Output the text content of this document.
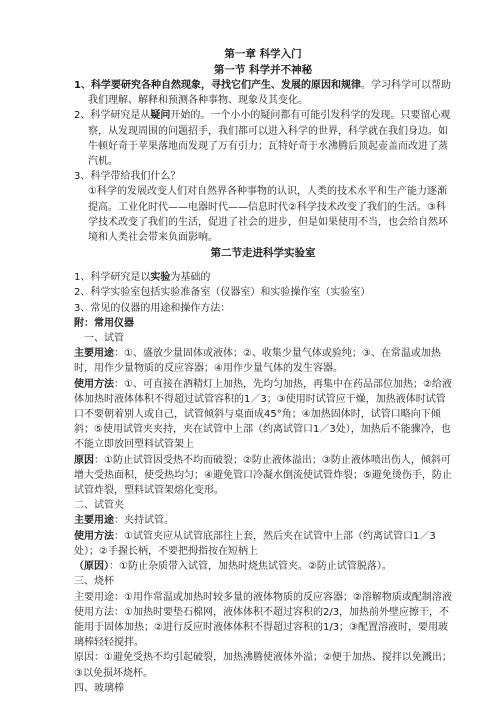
第一章 科学入门
第一节 科学并不神秘

1、科学要研究各种自然现象，寻找它们产生、发展的原因和规律。学习科学可以帮助我们理解、解释和预测各种事物、现象及其变化。

2、科学研究是从疑问开始的。一个小小的疑问都有可能引发科学的发现。只要留心观察，从发现周围的问题招手，我们都可以进入科学的世界，科学就在我们身边。如牛顿好奇于苹果落地而发现了万有引力；瓦特好奇于水沸腾后顶起壶盖而改进了蒸汽机。

3、科学带给我们什么？

①科学的发展改变人们对自然界各种事物的认识，人类的技术水平和生产能力逐渐提高。工业化时代——电器时代——信息时代②科学技术改变了我们的生活。③科学技术改变了我们的生活，促进了社会的进步，但是如果使用不当，也会给自然环境和人类社会带来负面影响。

第二节走进科学实验室

1、科学研究是以实验为基础的

2、科学实验室包括实验准备室（仪器室）和实验操作室（实验室）

3、常见的仪器的用途和操作方法：

附：常用仪器

一、试管

主要用途：①、盛放少量固体或液体；②、收集少量气体或验纯；③、在常温或加热时，用作少量物质的反应容器；④用作少量气体的发生容器。

使用方法：①、可直接在酒精灯上加热，先均匀加热，再集中在药品部位加热；②给液体加热时液体体积不得超过试管容积的1／3；③使用时试管应干燥，加热液体时试管口不要朝着别人或自己，试管倾斜与桌面成45°角；④加热固体时，试管口略向下倾斜；⑤使用试管夹夹持，夹在试管中上部（约离试管口1／3处），加热后不能骤冷，也不能立即放回塑料试管架上

原因：①防止试管因受热不均而破裂；②防止液体溢出；③防止液体喷出伤人，倾斜可增大受热面积，使受热均匀；④避免管口冷凝水倒流使试管炸裂；⑤避免烫伤手，防止试管炸裂，塑料试管架熔化变形。

二、试管夹

主要用途：夹持试管。

使用方法：①试管夹应从试管底部往上套，然后夹在试管中上部（约离试管口1／3处）；②手握长柄，不要把拇指按在短柄上

（原因）：①防止杂质带入试管，加热时烧焦试管夹。②防止试管脱落）。

三、烧杯

主要用途：①用作常温或加热时较多量的液体物质的反应容器；②溶解物质或配制溶液

使用方法：①加热时要垫石棉网，液体体积不超过容积的2/3，加热前外壁应擦干，不能用于固体加热；②进行反应时液体体积不得超过容积的1/3；③配置溶液时，要用玻璃棒轻轻搅拌。

原因：①避免受热不均引起破裂，加热沸腾使液体外溢；②便于加热、搅拌以免溅出；③以免损坏烧杯。

四、玻璃棒
